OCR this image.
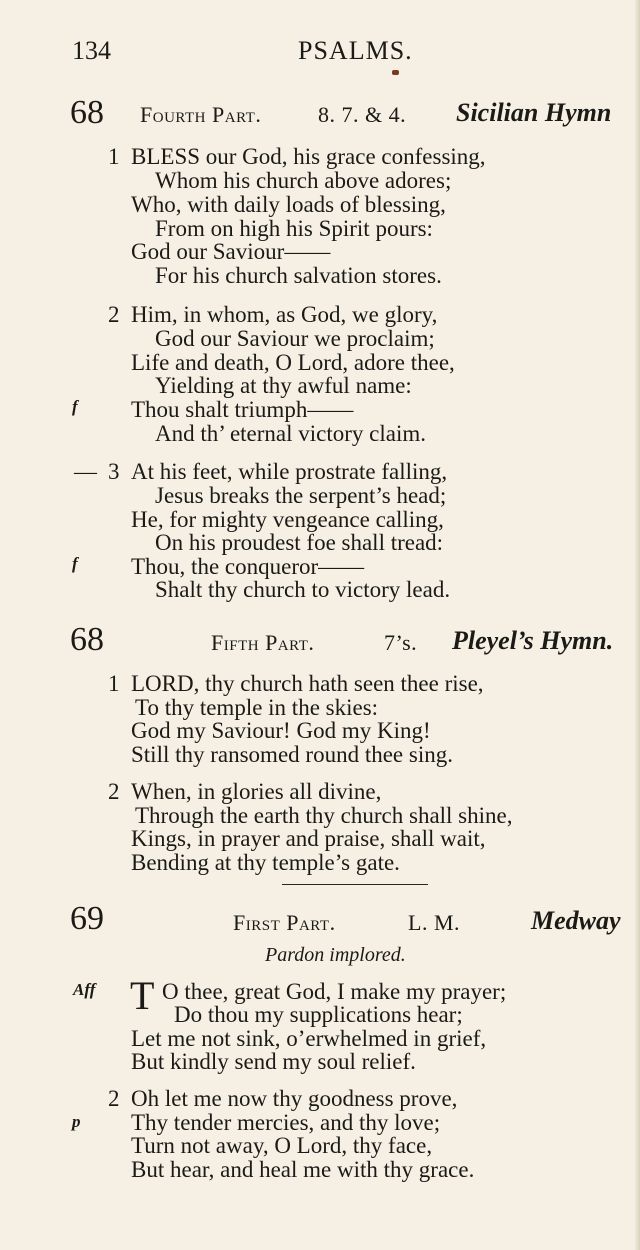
134	PSALMS.
68 Fourth Part.	8. 7. & 4. Sicilian Hymn
1 BLESS our God, his grace confessing,
Whom his church above adores;
Who, with daily loads of blessing,
From on high his Spirit pours:
God our Saviour——
For his church salvation stores.
2 Him, in whom, as God, we glory,
God our Saviour we proclaim;
Life and death, O Lord, adore thee,
Yielding at thy awful name:
f Thou shalt triumph——
And th’ eternal victory claim.
— 3 At his feet, while prostrate falling,
Jesus breaks the serpent’s head;
He, for mighty vengeance calling,
On his proudest foe shall tread:
f Thou, the conqueror——
Shalt thy church to victory lead.
68	Fifth Part.	7’s. Pleyel’s Hymn.
1 LORD, thy church hath seen thee rise,
To thy temple in the skies:
God my Saviour! God my King!
Still thy ransomed round thee sing.
2 When, in glories all divine,
Through the earth thy church shall shine,
Kings, in prayer and praise, shall wait,
Bending at thy temple’s gate.
69	First Part.	L. M.	Medway
Pardon implored.
Aff T O thee, great God, I make my prayer;
Do thou my supplications hear;
Let me not sink, o’erwhelmed in grief,
But kindly send my soul relief.
2 Oh let me now thy goodness prove,
p Thy tender mercies, and thy love;
Turn not away, O Lord, thy face,
But hear, and heal me with thy grace.
